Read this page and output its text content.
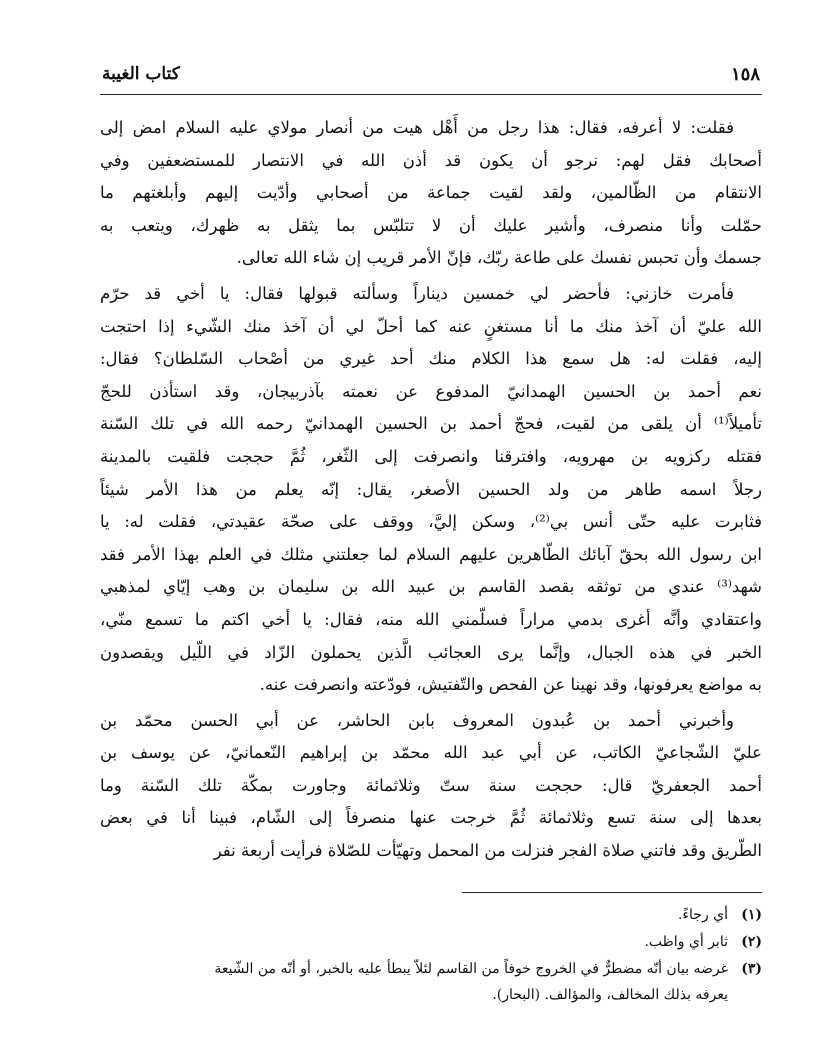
١٥٨
كتاب الغيبة
فقلت: لا أعرفه، فقال: هذا رجل من أَهْل هيت من أنصار مولاي عليه السلام امض إلى
أصحابك فقل لهم: نرجو أن يكون قد أذن الله في الانتصار للمستضعفين وفي
الانتقام من الظّالمين، ولقد لقيت جماعة من أصحابي وأدّيت إليهم وأبلغتهم ما
حمّلت وأنا منصرف، وأشير عليك أن لا تتلبّس بما يثقل به ظهرك، ويتعب به
جسمك وأن تحبس نفسك على طاعة ربّك، فإنّ الأمر قريب إن شاء الله تعالى.
فأمرت خازني: فأحضر لي خمسين ديناراً وسألته قبولها فقال: يا أخي قد حرّم
الله عليّ أن آخذ منك ما أنا مستغنٍ عنه كما أحلّ لي أن آخذ منك الشّيء إذا احتجت
إليه، فقلت له: هل سمع هذا الكلام منك أحد غيري من أصْحاب السّلطان؟ فقال:
نعم أحمد بن الحسين الهمدانيّ المدفوع عن نعمته بآذربيجان، وقد استأذن للحجّ
تأميلاً⁽¹⁾ أن يلقى من لقيت، فحجّ أحمد بن الحسين الهمدانيّ رحمه الله في تلك السّنة
فقتله ركزويه بن مهرويه، وافترقنا وانصرفت إلى الثّغر، ثُمَّ حججت فلقيت بالمدينة
رجلاً اسمه طاهر من ولد الحسين الأصغر، يقال: إنّه يعلم من هذا الأمر شيئاً
فثابرت عليه حتّى أنس بي⁽²⁾، وسكن إليَّ، ووقف على صحّة عقيدتي، فقلت له: يا
ابن رسول الله بحقّ آبائك الطّاهرين عليهم السلام لما جعلتني مثلك في العلم بهذا الأمر فقد
شهد⁽³⁾ عندي من توثقه بقصد القاسم بن عبيد الله بن سليمان بن وهب إيّاي لمذهبي
واعتقادي وأنَّه أغرى بدمي مراراً فسلّمني الله منه، فقال: يا أخي اكتم ما تسمع منّي،
الخبر في هذه الجبال، وإنَّما يرى العجائب الَّذين يحملون الزّاد في اللّيل ويقصدون
به مواضع يعرفونها، وقد نهينا عن الفحص والتّفتيش، فودّعته وانصرفت عنه.
وأخبرني أحمد بن عُبدون المعروف بابن الحاشر، عن أبي الحسن محمّد بن
عليّ الشّجاعيّ الكاتب، عن أبي عبد الله محمّد بن إبراهيم النّعمانيّ، عن يوسف بن
أحمد الجعفريّ قال: حججت سنة ستّ وثلاثمائة وجاورت بمكّة تلك السّنة وما
بعدها إلى سنة تسع وثلاثمائة ثُمَّ خرجت عنها منصرفاً إلى الشّام، فبينا أنا في بعض
الطّريق وقد فاتني صلاة الفجر فنزلت من المحمل وتهيّأت للصّلاة فرأيت أربعة نفر
(١)
أي رجاءً.
(٢)
ثابر أي واظب.
(٣)
غرضه بيان أنّه مضطرٌّ في الخروج خوفاً من القاسم لئلاّ يبطأ عليه بالخبر، أو أنّه من الشّيعة
يعرفه بذلك المخالف، والمؤالف. (البحار).
